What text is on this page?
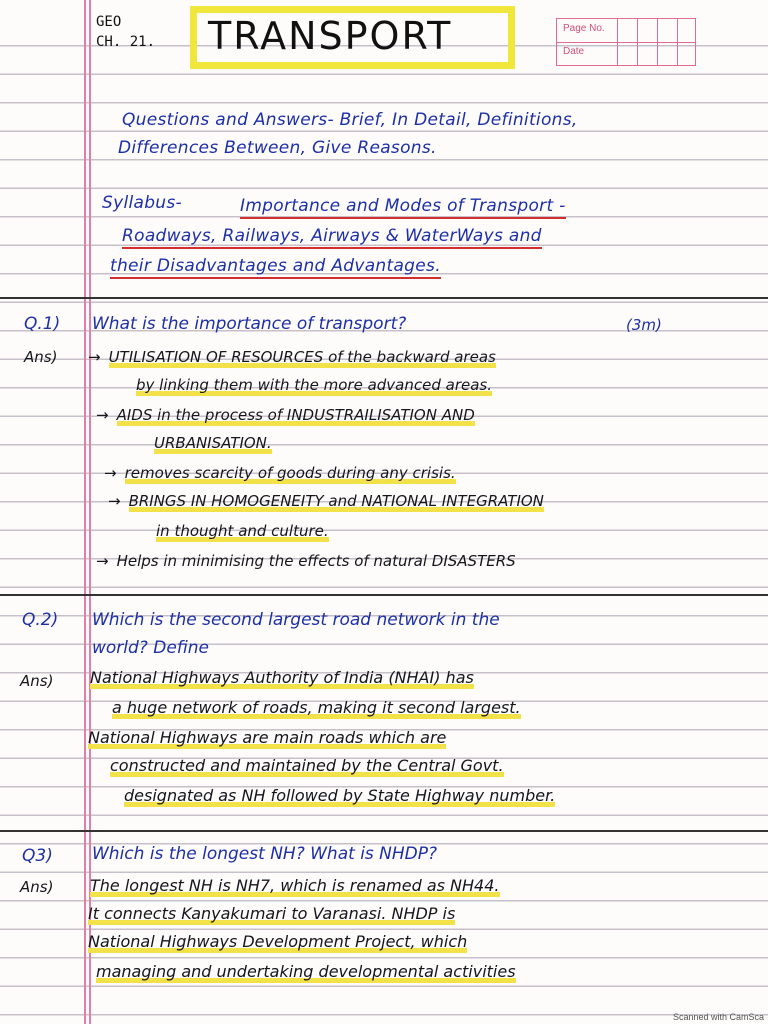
GEO
CH. 21. TRANSPORT	Page No.
Date
Questions and Answers- Brief, In Detail, Definitions,
Differences Between, Give Reasons.
Syllabus-	Importance and Modes of Transport -
Roadways, Railways, Airways & WaterWays and
their Disadvantages and Advantages.
Q.1) What is the importance of transport?	(3m)
Ans) → UTILISATION OF RESOURCES of the backward areas
by linking them with the more advanced areas.
→ AIDS in the process of INDUSTRAILISATION AND
URBANISATION.
→ removes scarcity of goods during any crisis.
→ BRINGS IN HOMOGENEITY and NATIONAL INTEGRATION
in thought and culture.
→ Helps in minimising the effects of natural DISASTERS
Q.2) Which is the second largest road network in the
world? Define
Ans) National Highways Authority of India (NHAI) has
a huge network of roads, making it second largest.
National Highways are main roads which are
constructed and maintained by the Central Govt.
designated as NH followed by State Highway number.
Q3) Which is the longest NH? What is NHDP?
Ans) The longest NH is NH7, which is renamed as NH44.
It connects Kanyakumari to Varanasi. NHDP is
National Highways Development Project, which
managing and undertaking developmental activities
Scanned with CamSca
